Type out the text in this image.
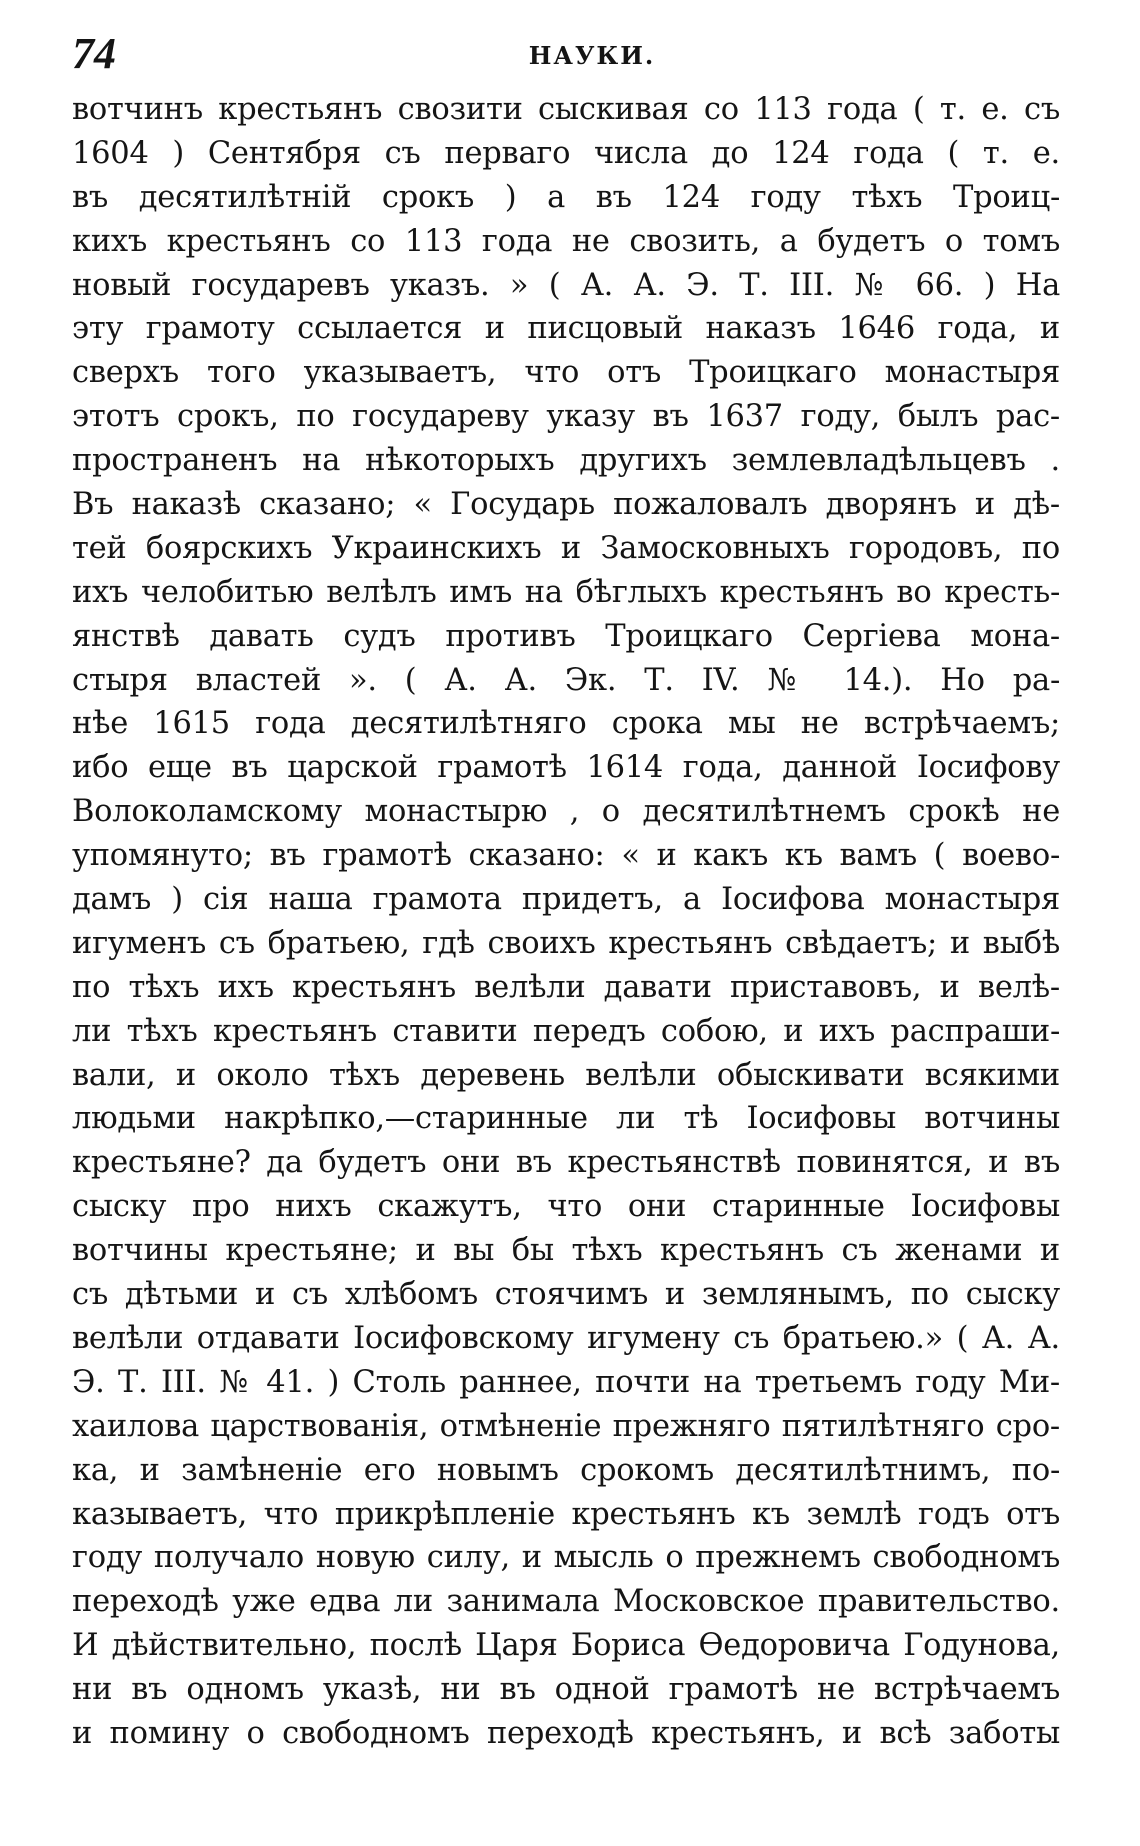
74	НАУКИ.
вотчинъ крестьянъ свозити сыскивая со 113 года ( т. е. съ
1604 ) Сентября съ перваго числа до 124 года ( т. е.
въ десятилѣтній срокъ ) а въ 124 году тѣхъ Троиц-
кихъ крестьянъ со 113 года не свозить, а будетъ о томъ
новый государевъ указъ. » ( А. А. Э. Т. III. № 66. ) На
эту грамоту ссылается и писцовый наказъ 1646 года, и
сверхъ того указываетъ, что отъ Троицкаго монастыря
этотъ срокъ, по государеву указу въ 1637 году, былъ рас-
пространенъ на нѣкоторыхъ другихъ землевладѣльцевъ .
Въ наказѣ сказано; « Государь пожаловалъ дворянъ и дѣ-
тей боярскихъ Украинскихъ и Замосковныхъ городовъ, по
ихъ челобитью велѣлъ имъ на бѣглыхъ крестьянъ во кресть-
янствѣ давать судъ противъ Троицкаго Сергіева мона-
стыря властей ». ( А. А. Эк. Т. IV. № 14.). Но ра-
нѣе 1615 года десятилѣтняго срока мы не встрѣчаемъ;
ибо еще въ царской грамотѣ 1614 года, данной Іосифову
Волоколамскому монастырю , о десятилѣтнемъ срокѣ не
упомянуто; въ грамотѣ сказано: « и какъ къ вамъ ( воево-
дамъ ) сія наша грамота придетъ, а Іосифова монастыря
игуменъ съ братьею, гдѣ своихъ крестьянъ свѣдаетъ; и выбѣ
по тѣхъ ихъ крестьянъ велѣли давати приставовъ, и велѣ-
ли тѣхъ крестьянъ ставити передъ собою, и ихъ распраши-
вали, и около тѣхъ деревень велѣли обыскивати всякими
людьми накрѣпко,—старинные ли тѣ Іосифовы вотчины
крестьяне? да будетъ они въ крестьянствѣ повинятся, и въ
сыску про нихъ скажутъ, что они старинные Іосифовы
вотчины крестьяне; и вы бы тѣхъ крестьянъ съ женами и
съ дѣтьми и съ хлѣбомъ стоячимъ и землянымъ, по сыску
велѣли отдавати Іосифовскому игумену съ братьею.» ( А. А.
Э. Т. III. № 41. ) Столь раннее, почти на третьемъ году Ми-
хаилова царствованія, отмѣненіе прежняго пятилѣтняго сро-
ка, и замѣненіе его новымъ срокомъ десятилѣтнимъ, по-
казываетъ, что прикрѣпленіе крестьянъ къ землѣ годъ отъ
году получало новую силу, и мысль о прежнемъ свободномъ
переходѣ уже едва ли занимала Московское правительство.
И дѣйствительно, послѣ Царя Бориса Ѳедоровича Годунова,
ни въ одномъ указѣ, ни въ одной грамотѣ не встрѣчаемъ
и помину о свободномъ переходѣ крестьянъ, и всѣ заботы
